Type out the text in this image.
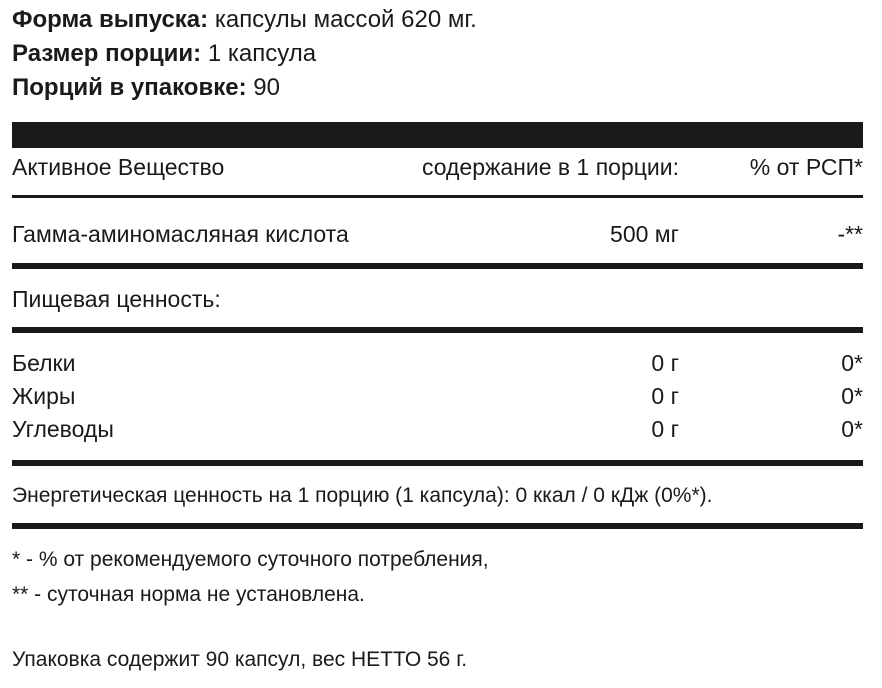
Форма выпуска: капсулы массой 620 мг.
Размер порции: 1 капсула
Порций в упаковке: 90
Активное Вещество	содержание в 1 порции:	% от РСП*
Гамма-аминомасляная кислота	500 мг	-**
Пищевая ценность:
Белки	0 г	0*
Жиры	0 г	0*
Углеводы	0 г	0*
Энергетическая ценность на 1 порцию (1 капсула): 0 ккал / 0 кДж (0%*).
* - % от рекомендуемого суточного потребления,
** - суточная норма не установлена.
Упаковка содержит 90 капсул, вес НЕТТО 56 г.
